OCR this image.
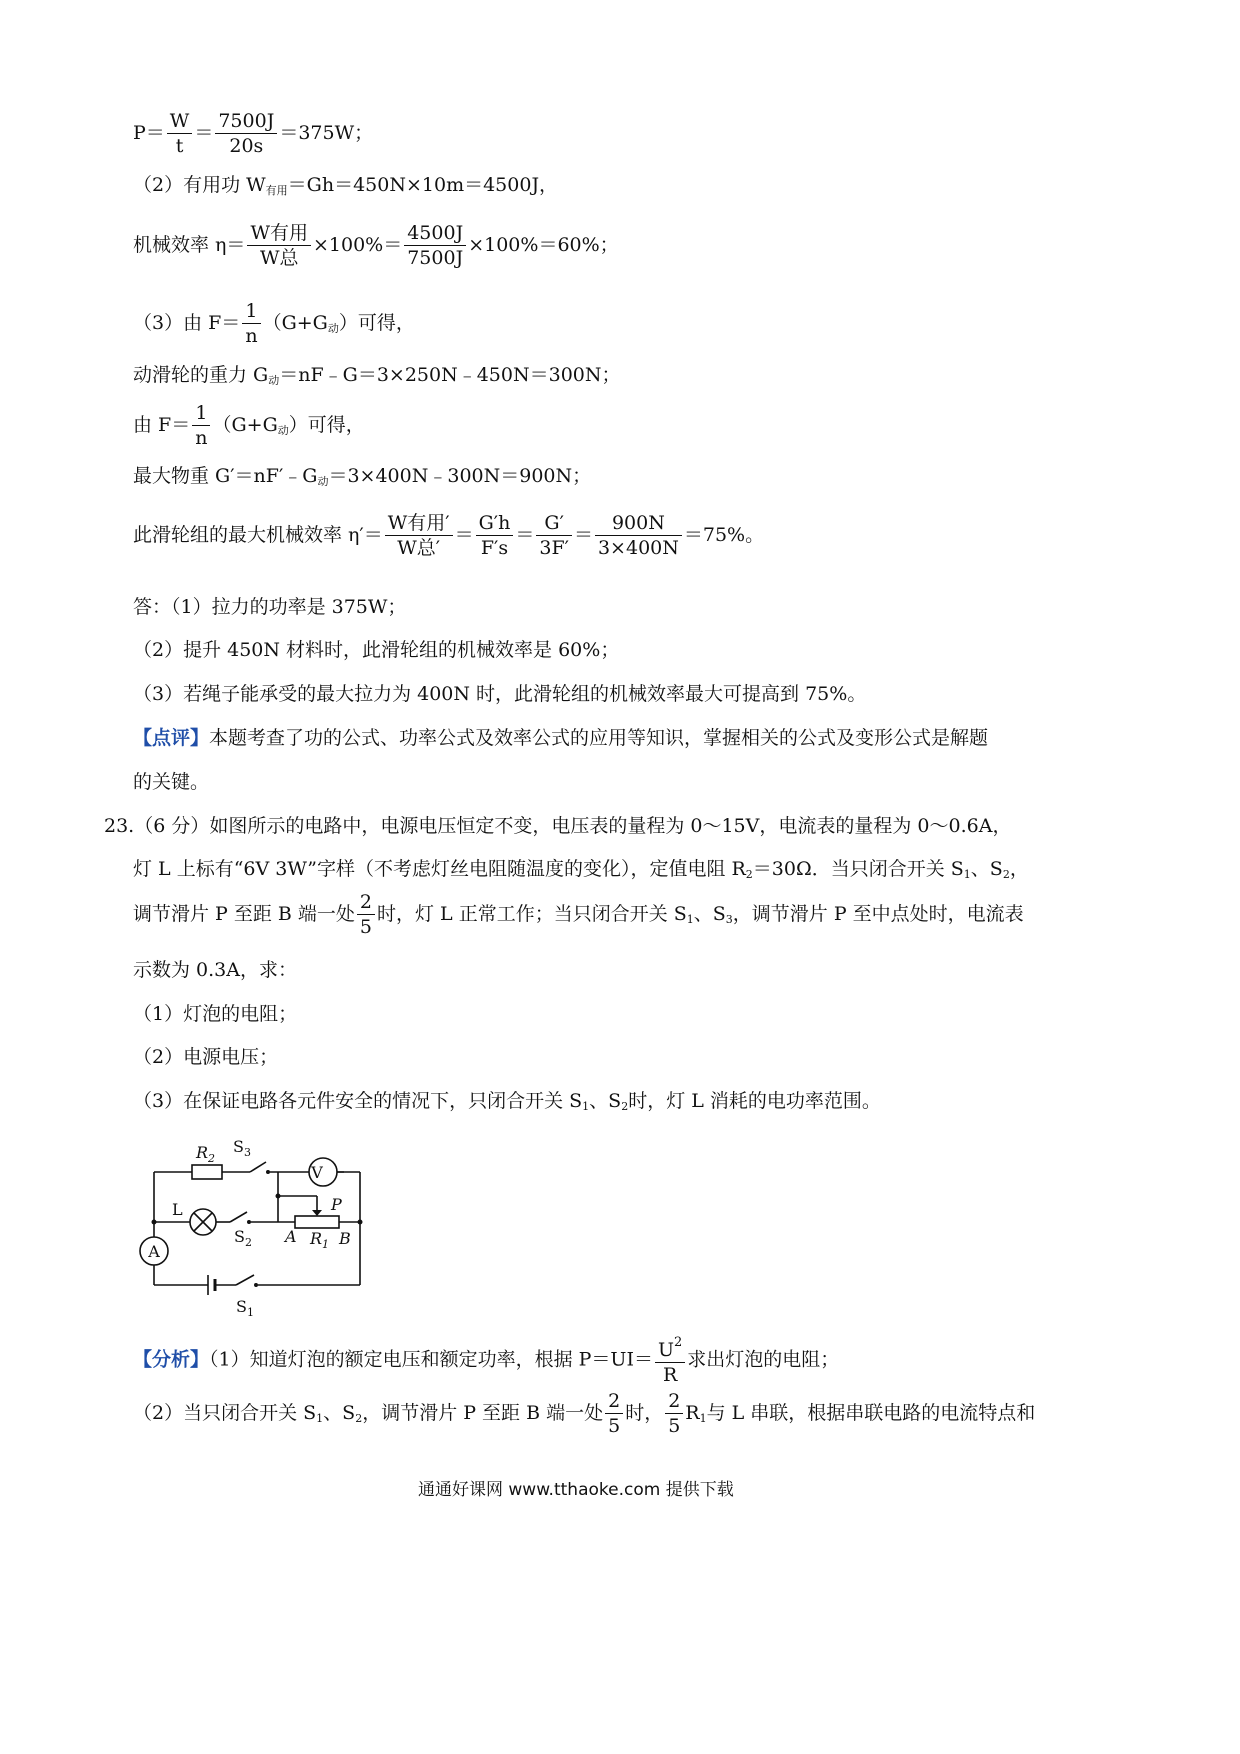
$P= \frac{W}{t} = \frac{7500J}{20s} =375W$；
（2）有用功 $W_{有用}=Gh=450N\times 10m=4500J$，
机械效率 $\eta= \frac{\text{W有用}}{\text{W总}} \times 100\%= \frac{4500J}{7500J} \times 100\%=60\%$；
（3）由 $F= \frac{1}{n} (G+G_动)$可得，
动滑轮的重力 $G_动=nF﹣G=3\times 250N﹣450N=300N$；
由 $F= \frac{1}{n} (G+G_动)$可得，
最大物重 $G'=nF'﹣G_动=3\times 400N﹣300N=900N$；
此滑轮组的最大机械效率 $\eta'= \frac{\text{W有用′}}{\text{W总′}} = \frac{G'h}{F's} = \frac{G'}{3F'} = \frac{900N}{3\times 400N} =75\%$。
答：（1）拉力的功率是 375W；
（2）提升 450N 材料时，此滑轮组的机械效率是 60%；
（3）若绳子能承受的最大拉力为 400N 时，此滑轮组的机械效率最大可提高到 75%。
【点评】本题考查了功的公式、功率公式及效率公式的应用等知识，掌握相关的公式及变形公式是解题
的关键。
23.（6 分）如图所示的电路中，电源电压恒定不变，电压表的量程为 0～15V，电流表的量程为 0～0.6A，
灯 L 上标有“6V 3W”字样（不考虑灯丝电阻随温度的变化），定值电阻 $R_2=30\Omega$．当只闭合开关 $S_1$、$S_2$，
调节滑片 P 至距 B 端一处 $\frac{2}{5}$ 时，灯 L 正常工作；当只闭合开关 $S_1$、$S_3$，调节滑片 P 至中点处时，电流表
示数为 0.3A，求：
（1）灯泡的电阻；
（2）电源电压；
（3）在保证电路各元件安全的情况下，只闭合开关 $S_1$、$S_2$时，灯 L 消耗的电功率范围。
$R_2$
$S_3$
V
L	P
$S_2$ A $R_1$ B
A
$S_1$
【分析】（1）知道灯泡的额定电压和额定功率，根据 $P=UI= \frac{U^2}{R}$ 求出灯泡的电阻；
（2）当只闭合开关 $S_1$、$S_2$，调节滑片 P 至距 B 端一处 $\frac{2}{5}$ 时， $\frac{2}{5} R_1$与 L 串联，根据串联电路的电流特点和
通通好课网 www.tthaoke.com 提供下载
